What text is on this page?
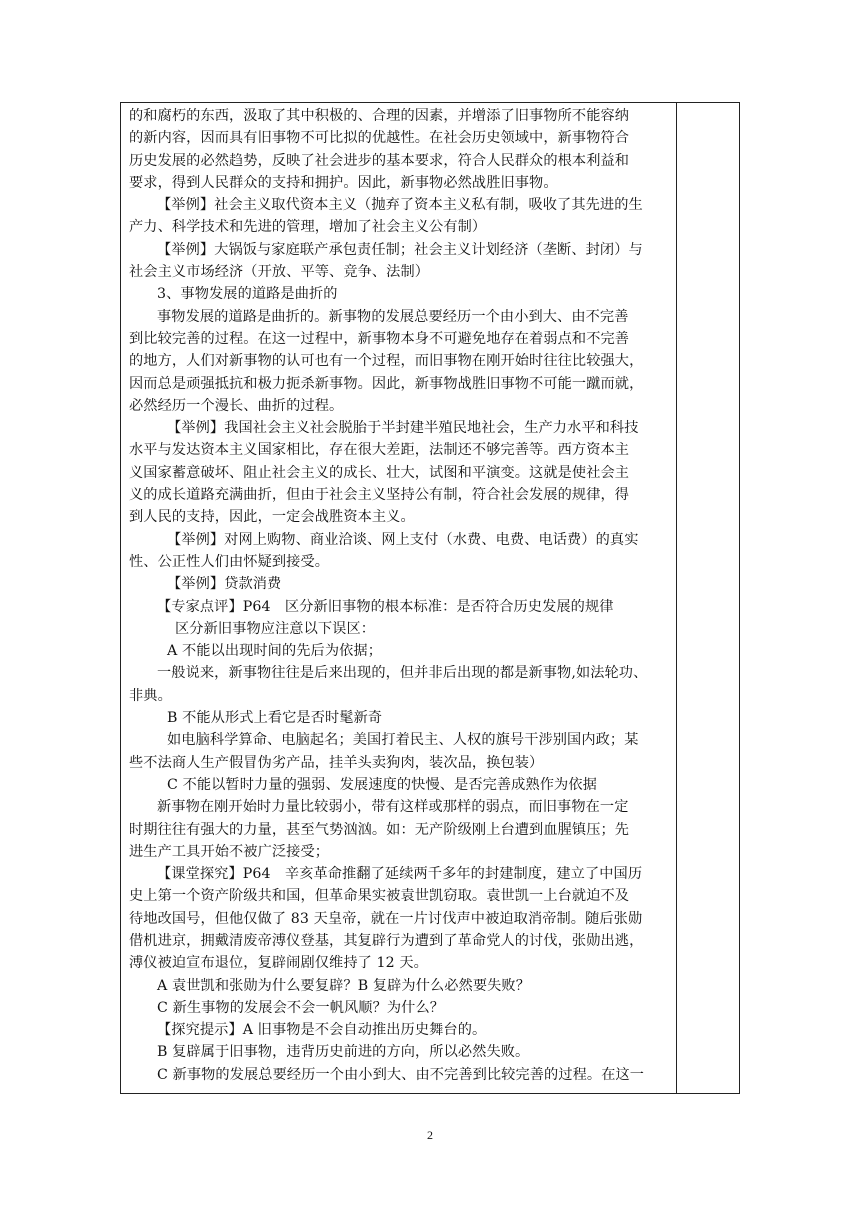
的和腐朽的东西，汲取了其中积极的、合理的因素，并增添了旧事物所不能容纳
的新内容，因而具有旧事物不可比拟的优越性。在社会历史领域中，新事物符合
历史发展的必然趋势，反映了社会进步的基本要求，符合人民群众的根本利益和
要求，得到人民群众的支持和拥护。因此，新事物必然战胜旧事物。
【举例】社会主义取代资本主义（抛弃了资本主义私有制，吸收了其先进的生
产力、科学技术和先进的管理，增加了社会主义公有制）
【举例】大锅饭与家庭联产承包责任制；社会主义计划经济（垄断、封闭）与
社会主义市场经济（开放、平等、竞争、法制）
3、事物发展的道路是曲折的
事物发展的道路是曲折的。新事物的发展总要经历一个由小到大、由不完善
到比较完善的过程。在这一过程中，新事物本身不可避免地存在着弱点和不完善
的地方，人们对新事物的认可也有一个过程，而旧事物在刚开始时往往比较强大，
因而总是顽强抵抗和极力扼杀新事物。因此，新事物战胜旧事物不可能一蹴而就，
必然经历一个漫长、曲折的过程。
【举例】我国社会主义社会脱胎于半封建半殖民地社会，生产力水平和科技
水平与发达资本主义国家相比，存在很大差距，法制还不够完善等。西方资本主
义国家蓄意破坏、阻止社会主义的成长、壮大，试图和平演变。这就是使社会主
义的成长道路充满曲折，但由于社会主义坚持公有制，符合社会发展的规律，得
到人民的支持，因此，一定会战胜资本主义。
【举例】对网上购物、商业洽谈、网上支付（水费、电费、电话费）的真实
性、公正性人们由怀疑到接受。
【举例】贷款消费
【专家点评】P64　区分新旧事物的根本标准：是否符合历史发展的规律
区分新旧事物应注意以下误区：
A 不能以出现时间的先后为依据；
一般说来，新事物往往是后来出现的，但并非后出现的都是新事物,如法轮功、
非典。
B 不能从形式上看它是否时髦新奇
如电脑科学算命、电脑起名；美国打着民主、人权的旗号干涉别国内政；某
些不法商人生产假冒伪劣产品，挂羊头卖狗肉，装次品，换包装）
C 不能以暂时力量的强弱、发展速度的快慢、是否完善成熟作为依据
新事物在刚开始时力量比较弱小，带有这样或那样的弱点，而旧事物在一定
时期往往有强大的力量，甚至气势汹汹。如：无产阶级刚上台遭到血腥镇压；先
进生产工具开始不被广泛接受；
【课堂探究】P64　辛亥革命推翻了延续两千多年的封建制度，建立了中国历
史上第一个资产阶级共和国，但革命果实被袁世凯窃取。袁世凯一上台就迫不及
待地改国号，但他仅做了 83 天皇帝，就在一片讨伐声中被迫取消帝制。随后张勋
借机进京，拥戴清废帝溥仪登基，其复辟行为遭到了革命党人的讨伐，张勋出逃，
溥仪被迫宣布退位，复辟闹剧仅维持了 12 天。
A 袁世凯和张勋为什么要复辟？B 复辟为什么必然要失败？
C 新生事物的发展会不会一帆风顺？为什么？
【探究提示】A 旧事物是不会自动推出历史舞台的。
B 复辟属于旧事物，违背历史前进的方向，所以必然失败。
C 新事物的发展总要经历一个由小到大、由不完善到比较完善的过程。在这一
2
